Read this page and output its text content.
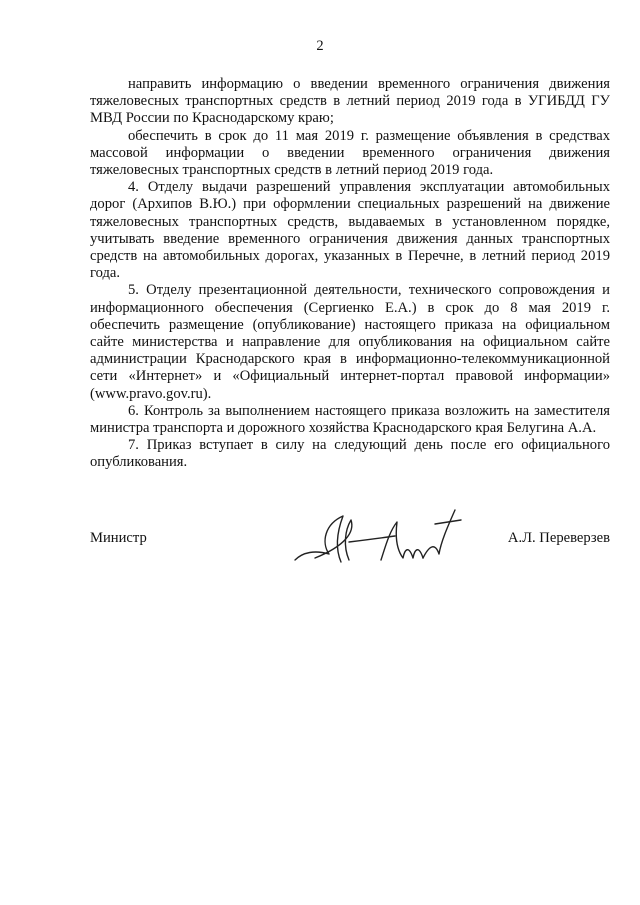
2

направить информацию о введении временного ограничения движения тяжеловесных транспортных средств в летний период 2019 года в УГИБДД ГУ МВД России по Краснодарскому краю;

обеспечить в срок до 11 мая 2019 г. размещение объявления в средствах массовой информации о введении временного ограничения движения тяжеловесных транспортных средств в летний период 2019 года.

4. Отделу выдачи разрешений управления эксплуатации автомобильных дорог (Архипов В.Ю.) при оформлении специальных разрешений на движение тяжеловесных транспортных средств, выдаваемых в установленном порядке, учитывать введение временного ограничения движения данных транспортных средств на автомобильных дорогах, указанных в Перечне, в летний период 2019 года.

5. Отделу презентационной деятельности, технического сопровождения и информационного обеспечения (Сергиенко Е.А.) в срок до 8 мая 2019 г. обеспечить размещение (опубликование) настоящего приказа на официальном сайте министерства и направление для опубликования на официальном сайте администрации Краснодарского края в информационно-телекоммуникационной сети «Интернет» и «Официальный интернет-портал правовой информации» (www.pravo.gov.ru).

6. Контроль за выполнением настоящего приказа возложить на заместителя министра транспорта и дорожного хозяйства Краснодарского края Белугина А.А.

7. Приказ вступает в силу на следующий день после его официального опубликования.

Министр	А.Л. Переверзев
